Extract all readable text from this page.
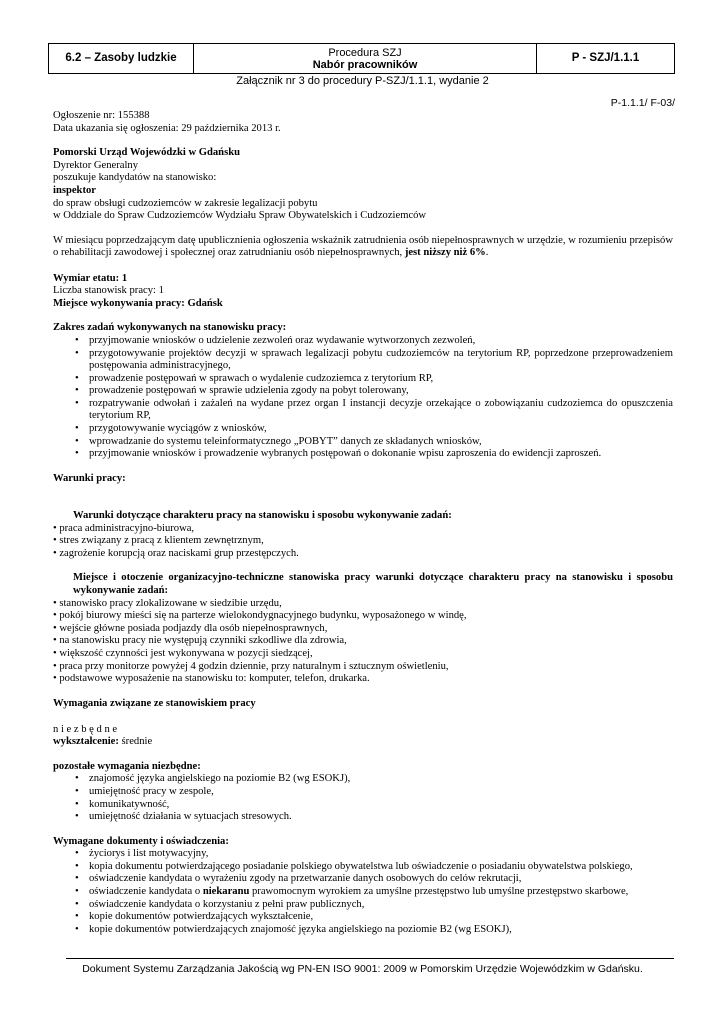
6.2 – Zasoby ludzkie	Procedura SZJ
Nabór pracowników
P - SZJ/1.1.1
Załącznik nr 3 do procedury P-SZJ/1.1.1, wydanie 2
P-1.1.1/ F-03/

Ogłoszenie nr: 155388

Data ukazania się ogłoszenia: 29 października 2013 r.

Pomorski Urząd Wojewódzki w Gdańsku

Dyrektor Generalny

poszukuje kandydatów na stanowisko:

inspektor

do spraw obsługi cudzoziemców w zakresie legalizacji pobytu

w Oddziale do Spraw Cudzoziemców Wydziału Spraw Obywatelskich i Cudzoziemców

W miesiącu poprzedzającym datę upublicznienia ogłoszenia wskaźnik zatrudnienia osób niepełnosprawnych w urzędzie, w rozumieniu przepisów o rehabilitacji zawodowej i społecznej oraz zatrudnianiu osób niepełnosprawnych, jest niższy niż 6%.

Wymiar etatu: 1

Liczba stanowisk pracy: 1

Miejsce wykonywania pracy: Gdańsk

Zakres zadań wykonywanych na stanowisku pracy:

• przyjmowanie wniosków o udzielenie zezwoleń oraz wydawanie wytworzonych zezwoleń,
• przygotowywanie projektów decyzji w sprawach legalizacji pobytu cudzoziemców na terytorium RP, poprzedzone przeprowadzeniem postępowania administracyjnego,
• prowadzenie postępowań w sprawach o wydalenie cudzoziemca z terytorium RP,
• prowadzenie postępowań w sprawie udzielenia zgody na pobyt tolerowany,
• rozpatrywanie odwołań i zażaleń na wydane przez organ I instancji decyzje orzekające o zobowiązaniu cudzoziemca do opuszczenia terytorium RP,
• przygotowywanie wyciągów z wniosków,
• wprowadzanie do systemu teleinformatycznego „POBYT” danych ze składanych wniosków,
• przyjmowanie wniosków i prowadzenie wybranych postępowań o dokonanie wpisu zaproszenia do ewidencji zaproszeń.

Warunki pracy:

Warunki dotyczące charakteru pracy na stanowisku i sposobu wykonywanie zadań:

• praca administracyjno-biurowa,

• stres związany z pracą z klientem zewnętrznym,

• zagrożenie korupcją oraz naciskami grup przestępczych.

Miejsce i otoczenie organizacyjno-techniczne stanowiska pracy warunki dotyczące charakteru pracy na stanowisku i sposobu wykonywanie zadań:

• stanowisko pracy zlokalizowane w siedzibie urzędu,

• pokój biurowy mieści się na parterze wielokondygnacyjnego budynku, wyposażonego w windę,

• wejście główne posiada podjazdy dla osób niepełnosprawnych,

• na stanowisku pracy nie występują czynniki szkodliwe dla zdrowia,

• większość czynności jest wykonywana w pozycji siedzącej,

• praca przy monitorze powyżej 4 godzin dziennie, przy naturalnym i sztucznym oświetleniu,

• podstawowe wyposażenie na stanowisku to: komputer, telefon, drukarka.

Wymagania związane ze stanowiskiem pracy

n i e z b ę d n e

wykształcenie: średnie

pozostałe wymagania niezbędne:

• znajomość języka angielskiego na poziomie B2 (wg ESOKJ),
• umiejętność pracy w zespole,
• komunikatywność,
• umiejętność działania w sytuacjach stresowych.

Wymagane dokumenty i oświadczenia:

• życiorys i list motywacyjny,
• kopia dokumentu potwierdzającego posiadanie polskiego obywatelstwa lub oświadczenie o posiadaniu obywatelstwa polskiego,
• oświadczenie kandydata o wyrażeniu zgody na przetwarzanie danych osobowych do celów rekrutacji,
• oświadczenie kandydata o niekaranu prawomocnym wyrokiem za umyślne przestępstwo lub umyślne przestępstwo skarbowe,
• oświadczenie kandydata o korzystaniu z pełni praw publicznych,
• kopie dokumentów potwierdzających wykształcenie,
• kopie dokumentów potwierdzających znajomość języka angielskiego na poziomie B2 (wg ESOKJ),
Dokument Systemu Zarządzania Jakością wg PN-EN ISO 9001: 2009 w Pomorskim Urzędzie Wojewódzkim w Gdańsku.
